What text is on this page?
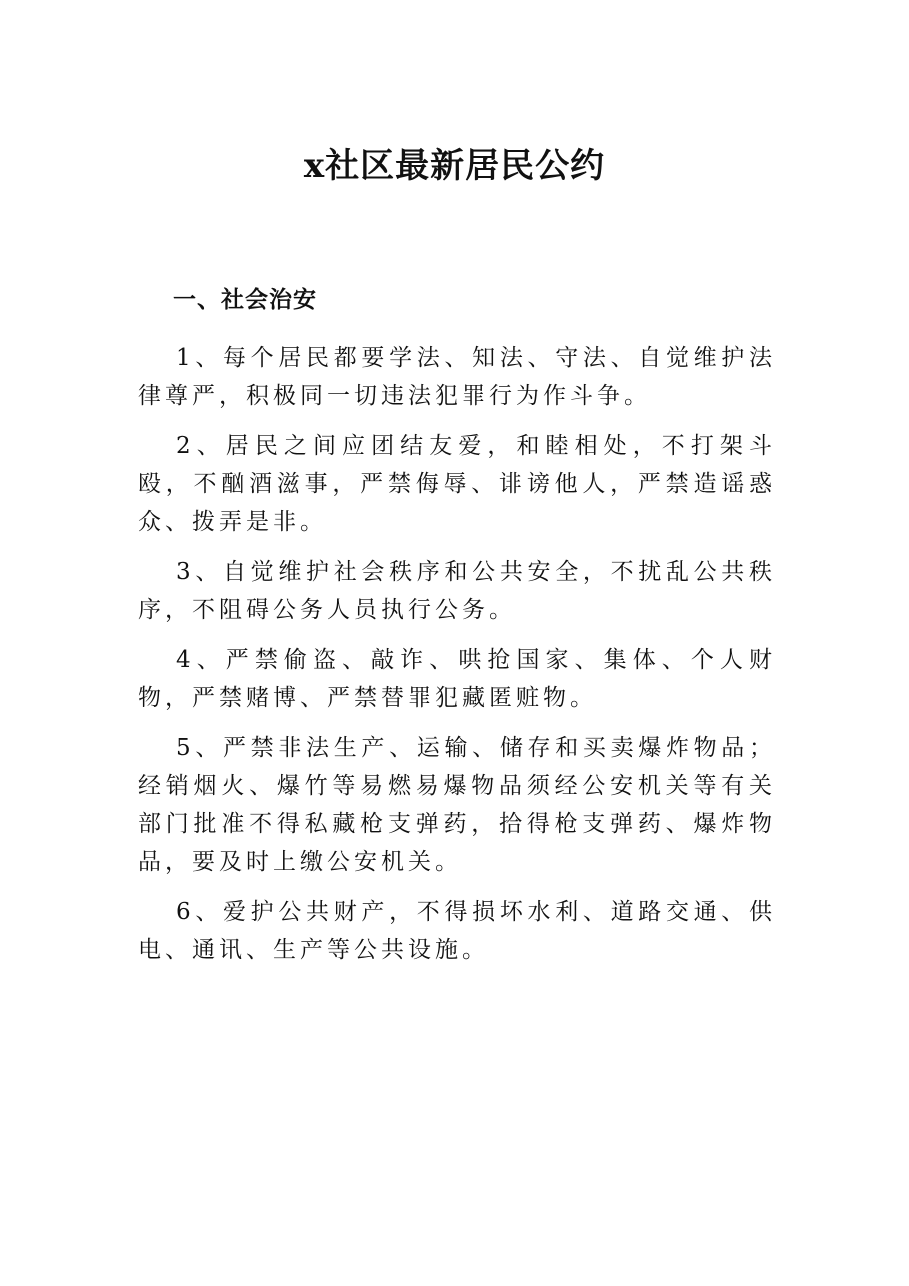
x社区最新居民公约
一、社会治安

1、每个居民都要学法、知法、守法、自觉维护法律尊严，积极同一切违法犯罪行为作斗争。

2、居民之间应团结友爱，和睦相处，不打架斗殴，不酗酒滋事，严禁侮辱、诽谤他人，严禁造谣惑众、拨弄是非。

3、自觉维护社会秩序和公共安全，不扰乱公共秩序，不阻碍公务人员执行公务。

4、严禁偷盗、敲诈、哄抢国家、集体、个人财物，严禁赌博、严禁替罪犯藏匿赃物。

5、严禁非法生产、运输、储存和买卖爆炸物品；经销烟火、爆竹等易燃易爆物品须经公安机关等有关部门批准不得私藏枪支弹药，拾得枪支弹药、爆炸物品，要及时上缴公安机关。

6、爱护公共财产，不得损坏水利、道路交通、供电、通讯、生产等公共设施。
